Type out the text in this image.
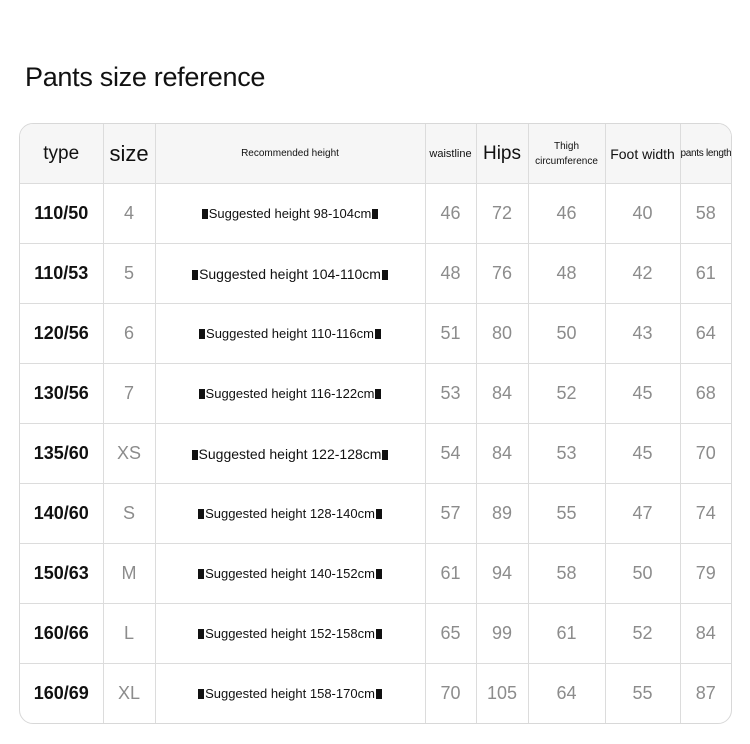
Pants size reference
type	size	Recommended height	waistline	Hips	Thigh circumference	Foot width	pants length
110/50	4	Suggested height 98-104cm	46	72	46	40	58
110/53	5	Suggested height 104-110cm	48	76	48	42	61
120/56	6	Suggested height 110-116cm	51	80	50	43	64
130/56	7	Suggested height 116-122cm	53	84	52	45	68
135/60	XS	Suggested height 122-128cm	54	84	53	45	70
140/60	S	Suggested height 128-140cm	57	89	55	47	74
150/63	M	Suggested height 140-152cm	61	94	58	50	79
160/66	L	Suggested height 152-158cm	65	99	61	52	84
160/69	XL	Suggested height 158-170cm	70	105	64	55	87
